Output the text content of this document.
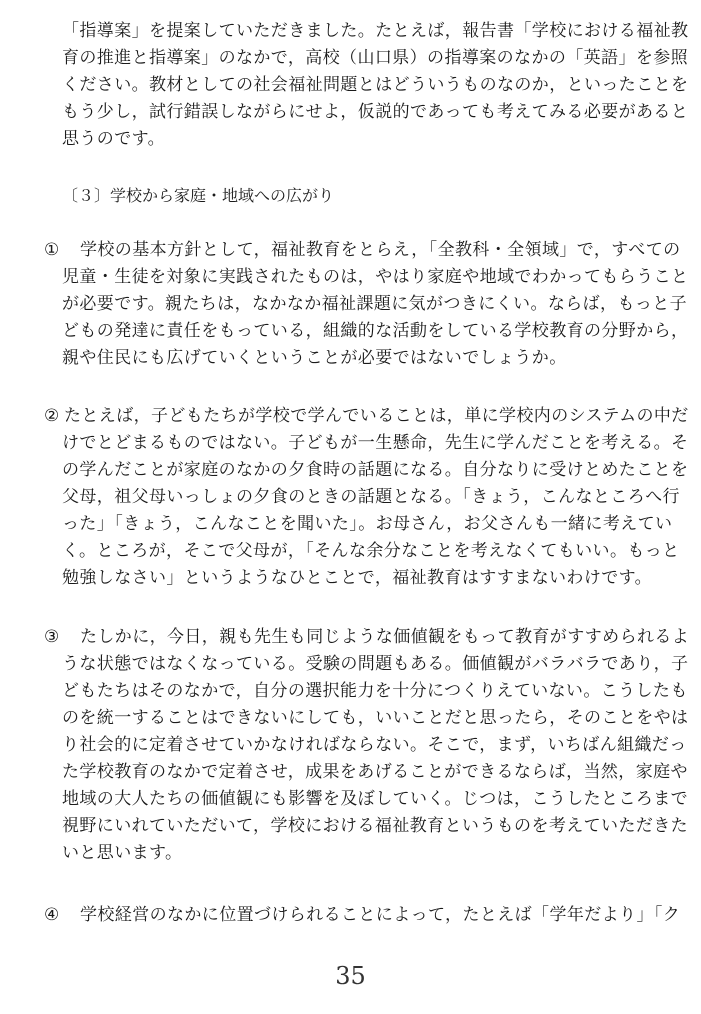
「指導案」を提案していただきました。たとえば，報告書「学校における福祉教
育の推進と指導案」のなかで，高校（山口県）の指導案のなかの「英語」を参照
ください。教材としての社会福祉問題とはどういうものなのか，といったことを
もう少し，試行錯誤しながらにせよ，仮説的であっても考えてみる必要があると
思うのです。
〔３〕学校から家庭・地域への広がり
① 学校の基本方針として，福祉教育をとらえ，「全教科・全領域」で，すべての
児童・生徒を対象に実践されたものは，やはり家庭や地域でわかってもらうこと
が必要です。親たちは，なかなか福祉課題に気がつきにくい。ならば，もっと子
どもの発達に責任をもっている，組織的な活動をしている学校教育の分野から，
親や住民にも広げていくということが必要ではないでしょうか。
② たとえば，子どもたちが学校で学んでいることは，単に学校内のシステムの中だ
けでとどまるものではない。子どもが一生懸命，先生に学んだことを考える。そ
の学んだことが家庭のなかの夕食時の話題になる。自分なりに受けとめたことを
父母，祖父母いっしょの夕食のときの話題となる。「きょう，こんなところへ行
った」「きょう，こんなことを聞いた」。お母さん，お父さんも一緒に考えてい
く。ところが，そこで父母が，「そんな余分なことを考えなくてもいい。もっと
勉強しなさい」というようなひとことで，福祉教育はすすまないわけです。
③ たしかに，今日，親も先生も同じような価値観をもって教育がすすめられるよ
うな状態ではなくなっている。受験の問題もある。価値観がバラバラであり，子
どもたちはそのなかで，自分の選択能力を十分につくりえていない。こうしたも
のを統一することはできないにしても，いいことだと思ったら，そのことをやは
り社会的に定着させていかなければならない。そこで，まず，いちばん組織だっ
た学校教育のなかで定着させ，成果をあげることができるならば，当然，家庭や
地域の大人たちの価値観にも影響を及ぼしていく。じつは，こうしたところまで
視野にいれていただいて，学校における福祉教育というものを考えていただきた
いと思います。
④ 学校経営のなかに位置づけられることによって，たとえば「学年だより」「ク
35
